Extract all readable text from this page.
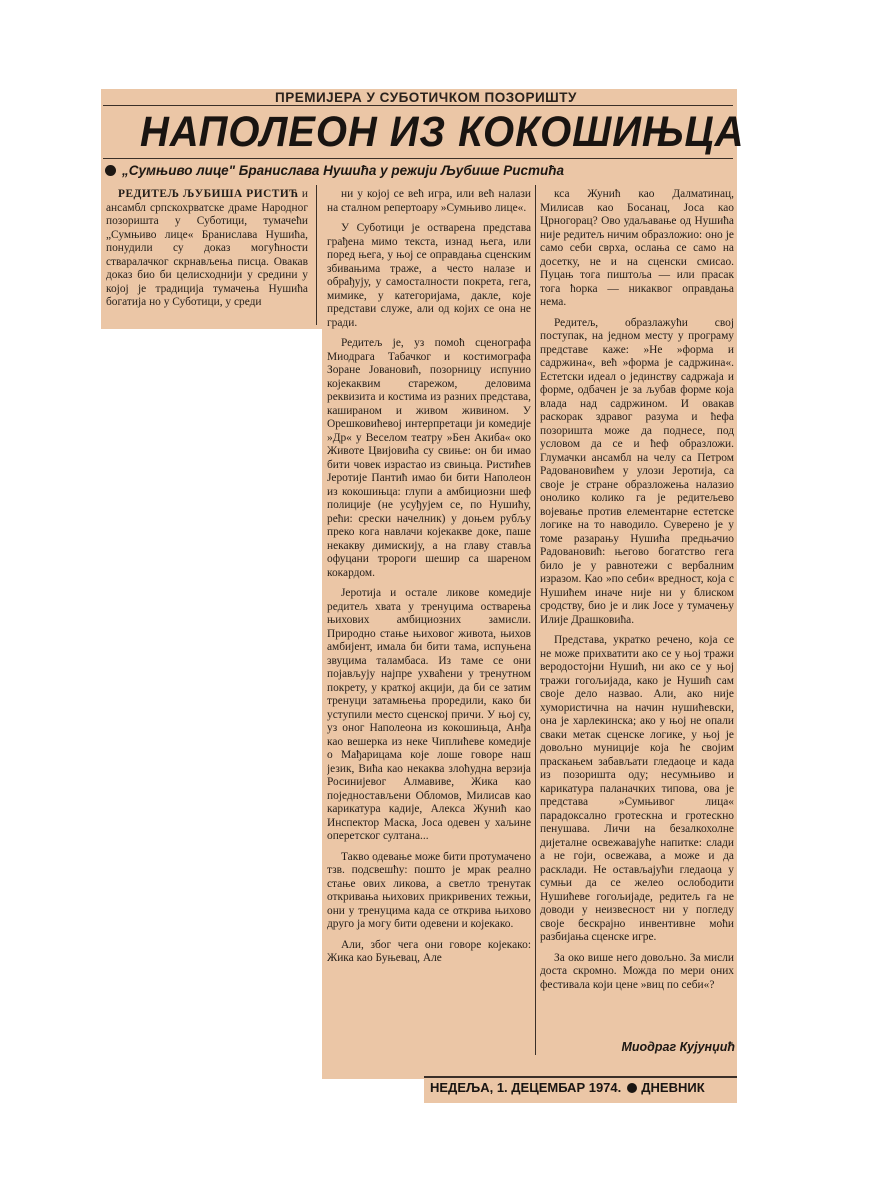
ПРЕМИЈЕРА У СУБОТИЧКОМ ПОЗОРИШТУ
НАПОЛЕОН ИЗ КОКОШИЊЦА
„Сумњиво лице" Бранислава Нушића у режији Љубише Ристића

РЕДИТЕЉ ЉУБИША РИСТИЋ и ансамбл српскохрватске драме Народног позоришта у Суботици, тумачећи „Сумњиво лице« Бранислава Нушића, понудили су доказ могућности стваралачког скрнављења писца. Овакав доказ био би целисходнији у средини у којој је традиција тумачења Нушића богатија но у Суботици, у среди

ни у којој се већ игра, или већ налази на сталном репертоару »Сумњиво лице«.

У Суботици је остварена представа грађена мимо текста, изнад њега, или поред њега, у њој се оправдања сценским збивањима траже, а често налазе и обрађују, у самосталности покрета, гега, мимике, у категоријама, дакле, које представи служе, али од којих се она не гради.

Редитељ је, уз помоћ сценографа Миодрага Табачког и костимографа Зоране Јовановић, позорницу испунио којекаквим старежом, деловима реквизита и костима из разних представа, кашираном и живом живином. У Орешковићевој интерпретаци ји комедије »Др« у Веселом театру »Бен Акиба« око Животе Цвијовића су свиње: он би имао бити човек израстао из свињца. Ристићев Јеротије Пантић имао би бити Наполеон из кокошињца: глупи а амбициозни шеф полиције (не усуђујем се, по Нушићу, рећи: срески начелник) у доњем рубљу преко кога навлачи којекакве доке, паше некакву димискију, а на главу ставља офуцани тророги шешир са шареном кокардом.

Јеротија и остале ликове комедије редитељ хвата у тренуцима остварења њихових амбициозних замисли. Природно стање њиховог живота, њихов амбијент, имала би бити тама, испуњена звуцима таламбаса. Из таме се они појављују најпре ухваћени у тренутном покрету, у краткој акцији, да би се затим тренуци затамњења прорeдили, како би уступили место сценској причи. У њој су, уз оног Наполеона из кокошињца, Анђа као вешерка из неке Чиплићеве комедије о Мађарицама које лоше говоре наш језик, Вића као некаква злоћудна верзија Росинијевог Алмавиве, Жика као поједностављени Обломов, Милисав као карикатура кадије, Алекса Жунић као Инспектор Маска, Јоса одевен у хаљине оперетског султана...

Такво одевање може бити протумачено тзв. подсвешћу: пошто је мрак реално стање ових ликова, а светло тренутак откривања њихових прикривених тежњи, они у тренуцима када се открива њихово друго ја могу бити одевени и којекако.

Али, због чега они говоре којекако: Жика као Буњевац, Але

кса Жунић као Далматинац, Милисав као Босанац, Јоса као Црногорац? Ово удаљавање од Нушића није редитељ ничим образложио: оно је само себи сврха, ослања се само на досетку, не и на сценски смисао. Пуцањ тога пиштоља — или прасак тога ћорка — никаквог оправдања нема.

Редитељ, образлажући свој поступак, на једном месту у програму представе каже: »Не »форма и садржина«, већ »форма је садржина«. Естетски идеал о јединству садржаја и форме, одбачен је за љубав форме која влада над садржином. И овакав раскорак здравог разума и ћефа позоришта може да поднесе, под условом да се и ћеф образложи. Глумачки ансамбл на челу са Петром Радовановићем у улози Јеротија, са своје је стране образложења налазио онолико колико га је редитељево војевање против елементарне естетске логике на то наводило. Суверено је у томе разарању Нушића предњачио Радовановић: његово богатство гега било је у равнотежи с вербалним изразом. Као »по себи« вредност, која с Нушићем иначе није ни у блиском сродству, био је и лик Јосе у тумачењу Илије Драшковића.

Представа, укратко речено, која се не може прихватити ако се у њој тражи веродостојни Нушић, ни ако се у њој тражи гогољијада, како је Нушић сам своје дело назвао. Али, ако није хумористична на начин нушићевски, она је харлекинска; ако у њој не опали сваки метак сценске логике, у њој је довољно муниције која ће својим праскањем забављати гледаоце и када из позоришта оду; несумњиво и карикатура паланачких типова, ова је представа »Сумњивог лица« парадоксално гротескна и гротескно пенушава. Личи на безалкохолне дијеталне освежавајуће напитке: слади а не гоји, освежава, а може и да расклади. Не остављајући гледаоца у сумњи да се желео ослободити Нушићеве гогољијаде, редитељ га не доводи у неизвесност ни у погледу своје бескрајно инвентивне моћи разбијања сценске игре.

За око више него довољно. За мисли доста скромно. Можда по мери оних фестивала који цене »виц по себи«?

Миодраг Кујунџић
НЕДЕЉА, 1. ДЕЦЕМБАР 1974. ДНЕВНИК
